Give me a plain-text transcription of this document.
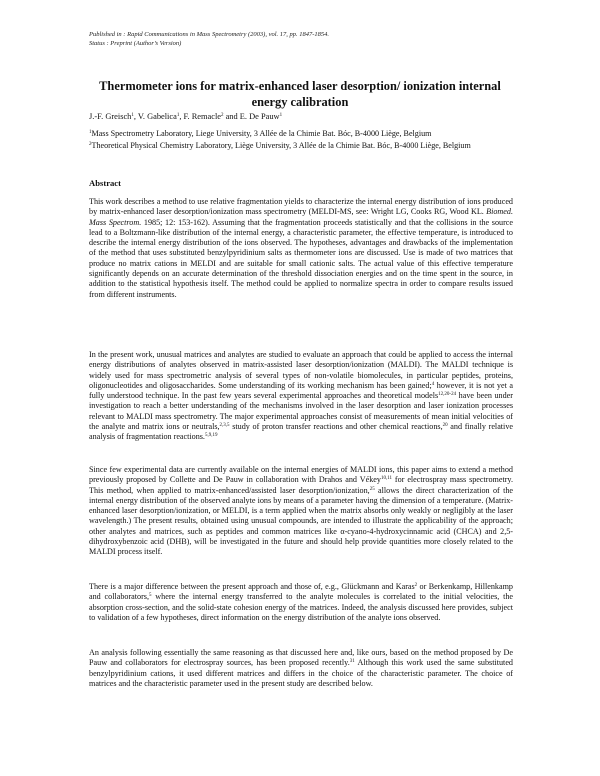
Published in : Rapid Communications in Mass Spectrometry (2003), vol. 17, pp. 1847-1854.
Status : Preprint (Author’s Version)
Thermometer ions for matrix-enhanced laser desorption/ ionization internal energy calibration
J.-F. Greisch$^1$, V. Gabelica$^1$, F. Remacle$^2$ and E. De Pauw$^1$

$^1$Mass Spectrometry Laboratory, Liege University, 3 Allée de la Chimie Bat. Bóc, B-4000 Liège, Belgium

$^2$Theoretical Physical Chemistry Laboratory, Liège University, 3 Allée de la Chimie Bat. Bóc, B-4000 Liège, Belgium

Abstract

This work describes a method to use relative fragmentation yields to characterize the internal energy distribution of ions produced by matrix-enhanced laser desorption/ionization mass spectrometry (MELDI-MS, see: Wright LG, Cooks RG, Wood KL. Biomed. Mass Spectrom. 1985; 12: 153-162). Assuming that the fragmentation proceeds statistically and that the collisions in the source lead to a Boltzmann-like distribution of the internal energy, a characteristic parameter, the effective temperature, is introduced to describe the internal energy distribution of the ions observed. The hypotheses, advantages and drawbacks of the implementation of the method that uses substituted benzylpyridinium salts as thermometer ions are discussed. Use is made of two matrices that produce no matrix cations in MELDI and are suitable for small cationic salts. The actual value of this effective temperature significantly depends on an accurate determination of the threshold dissociation energies and on the time spent in the source, in addition to the statistical hypothesis itself. The method could be applied to normalize spectra in order to compare results issued from different instruments.

In the present work, unusual matrices and analytes are studied to evaluate an approach that could be applied to access the internal energy distributions of analytes observed in matrix-assisted laser desorption/ionization (MALDI). The MALDI technique is widely used for mass spectrometric analysis of several types of non-volatile biomolecules, in particular peptides, proteins, oligonucleotides and oligosaccharides. Some understanding of its working mechanism has been gained;$^4$ however, it is not yet a fully understood technique. In the past few years several experimental approaches and theoretical models$^{12,20-24}$ have been under investigation to reach a better understanding of the mechanisms involved in the laser desorption and laser ionization processes relevant to MALDI mass spectrometry. The major experimental approaches consist of measurements of mean initial velocities of the analyte and matrix ions or neutrals,$^{2,3,5}$ study of proton transfer reactions and other chemical reactions,$^{20}$ and finally relative analysis of fragmentation reactions.$^{5,9,19}$

Since few experimental data are currently available on the internal energies of MALDI ions, this paper aims to extend a method previously proposed by Collette and De Pauw in collaboration with Drahos and Vékey$^{10,11}$ for electrospray mass spectrometry. This method, when applied to matrix-enhanced/assisted laser desorption/ionization,$^{25}$ allows the direct characterization of the internal energy distribution of the observed analyte ions by means of a parameter having the dimension of a temperature. (Matrix-enhanced laser desorption/ionization, or MELDI, is a term applied when the matrix absorbs only weakly or negligibly at the laser wavelength.) The present results, obtained using unusual compounds, are intended to illustrate the applicability of the approach; other analytes and matrices, such as peptides and common matrices like α-cyano-4-hydroxycinnamic acid (CHCA) and 2,5-dihydroxybenzoic acid (DHB), will be investigated in the future and should help provide quantities more closely related to the MALDI process itself.

There is a major difference between the present approach and those of, e.g., Glückmann and Karas$^2$ or Berkenkamp, Hillenkamp and collaborators,$^5$ where the internal energy transferred to the analyte molecules is correlated to the initial velocities, the absorption cross-section, and the solid-state cohesion energy of the matrices. Indeed, the analysis discussed here provides, subject to validation of a few hypotheses, direct information on the energy distribution of the analyte ions observed.

An analysis following essentially the same reasoning as that discussed here and, like ours, based on the method proposed by De Pauw and collaborators for electrospray sources, has been proposed recently.$^{31}$ Although this work used the same substituted benzylpyridinium cations, it used different matrices and differs in the choice of the characteristic parameter. The choice of matrices and the characteristic parameter used in the present study are described below.
